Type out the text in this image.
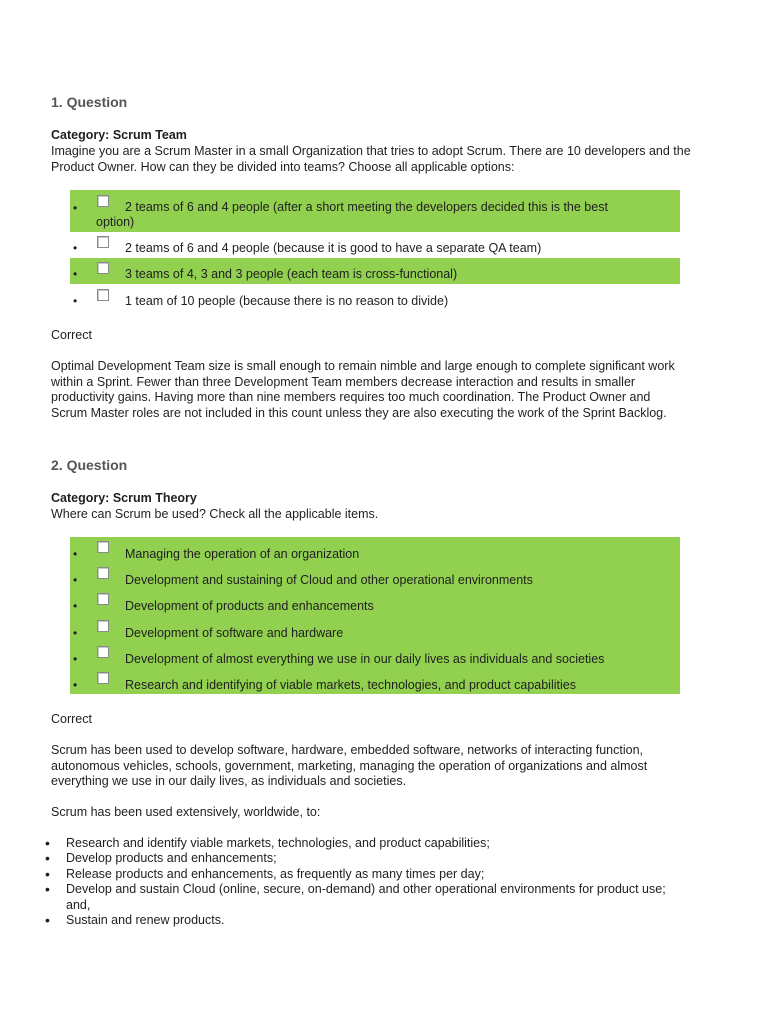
1. Question

Category: Scrum Team

Imagine you are a Scrum Master in a small Organization that tries to adopt Scrum. There are 10 developers and the Product Owner. How can they be divided into teams? Choose all applicable options:

•	2 teams of 6 and 4 people (after a short meeting the developers decided this is the best
option)
•	2 teams of 6 and 4 people (because it is good to have a separate QA team)
•	3 teams of 4, 3 and 3 people (each team is cross-functional)
•	1 team of 10 people (because there is no reason to divide)

Correct

Optimal Development Team size is small enough to remain nimble and large enough to complete significant work within a Sprint. Fewer than three Development Team members decrease interaction and results in smaller productivity gains. Having more than nine members requires too much coordination. The Product Owner and Scrum Master roles are not included in this count unless they are also executing the work of the Sprint Backlog.

2. Question

Category: Scrum Theory

Where can Scrum be used? Check all the applicable items.

•	Managing the operation of an organization
•	Development and sustaining of Cloud and other operational environments
•	Development of products and enhancements
•	Development of software and hardware
•	Development of almost everything we use in our daily lives as individuals and societies
•	Research and identifying of viable markets, technologies, and product capabilities

Correct

Scrum has been used to develop software, hardware, embedded software, networks of interacting function, autonomous vehicles, schools, government, marketing, managing the operation of organizations and almost everything we use in our daily lives, as individuals and societies.

Scrum has been used extensively, worldwide, to:

• Research and identify viable markets, technologies, and product capabilities;
• Develop products and enhancements;
• Release products and enhancements, as frequently as many times per day;
• Develop and sustain Cloud (online, secure, on-demand) and other operational environments for product use; and,
• Sustain and renew products.
